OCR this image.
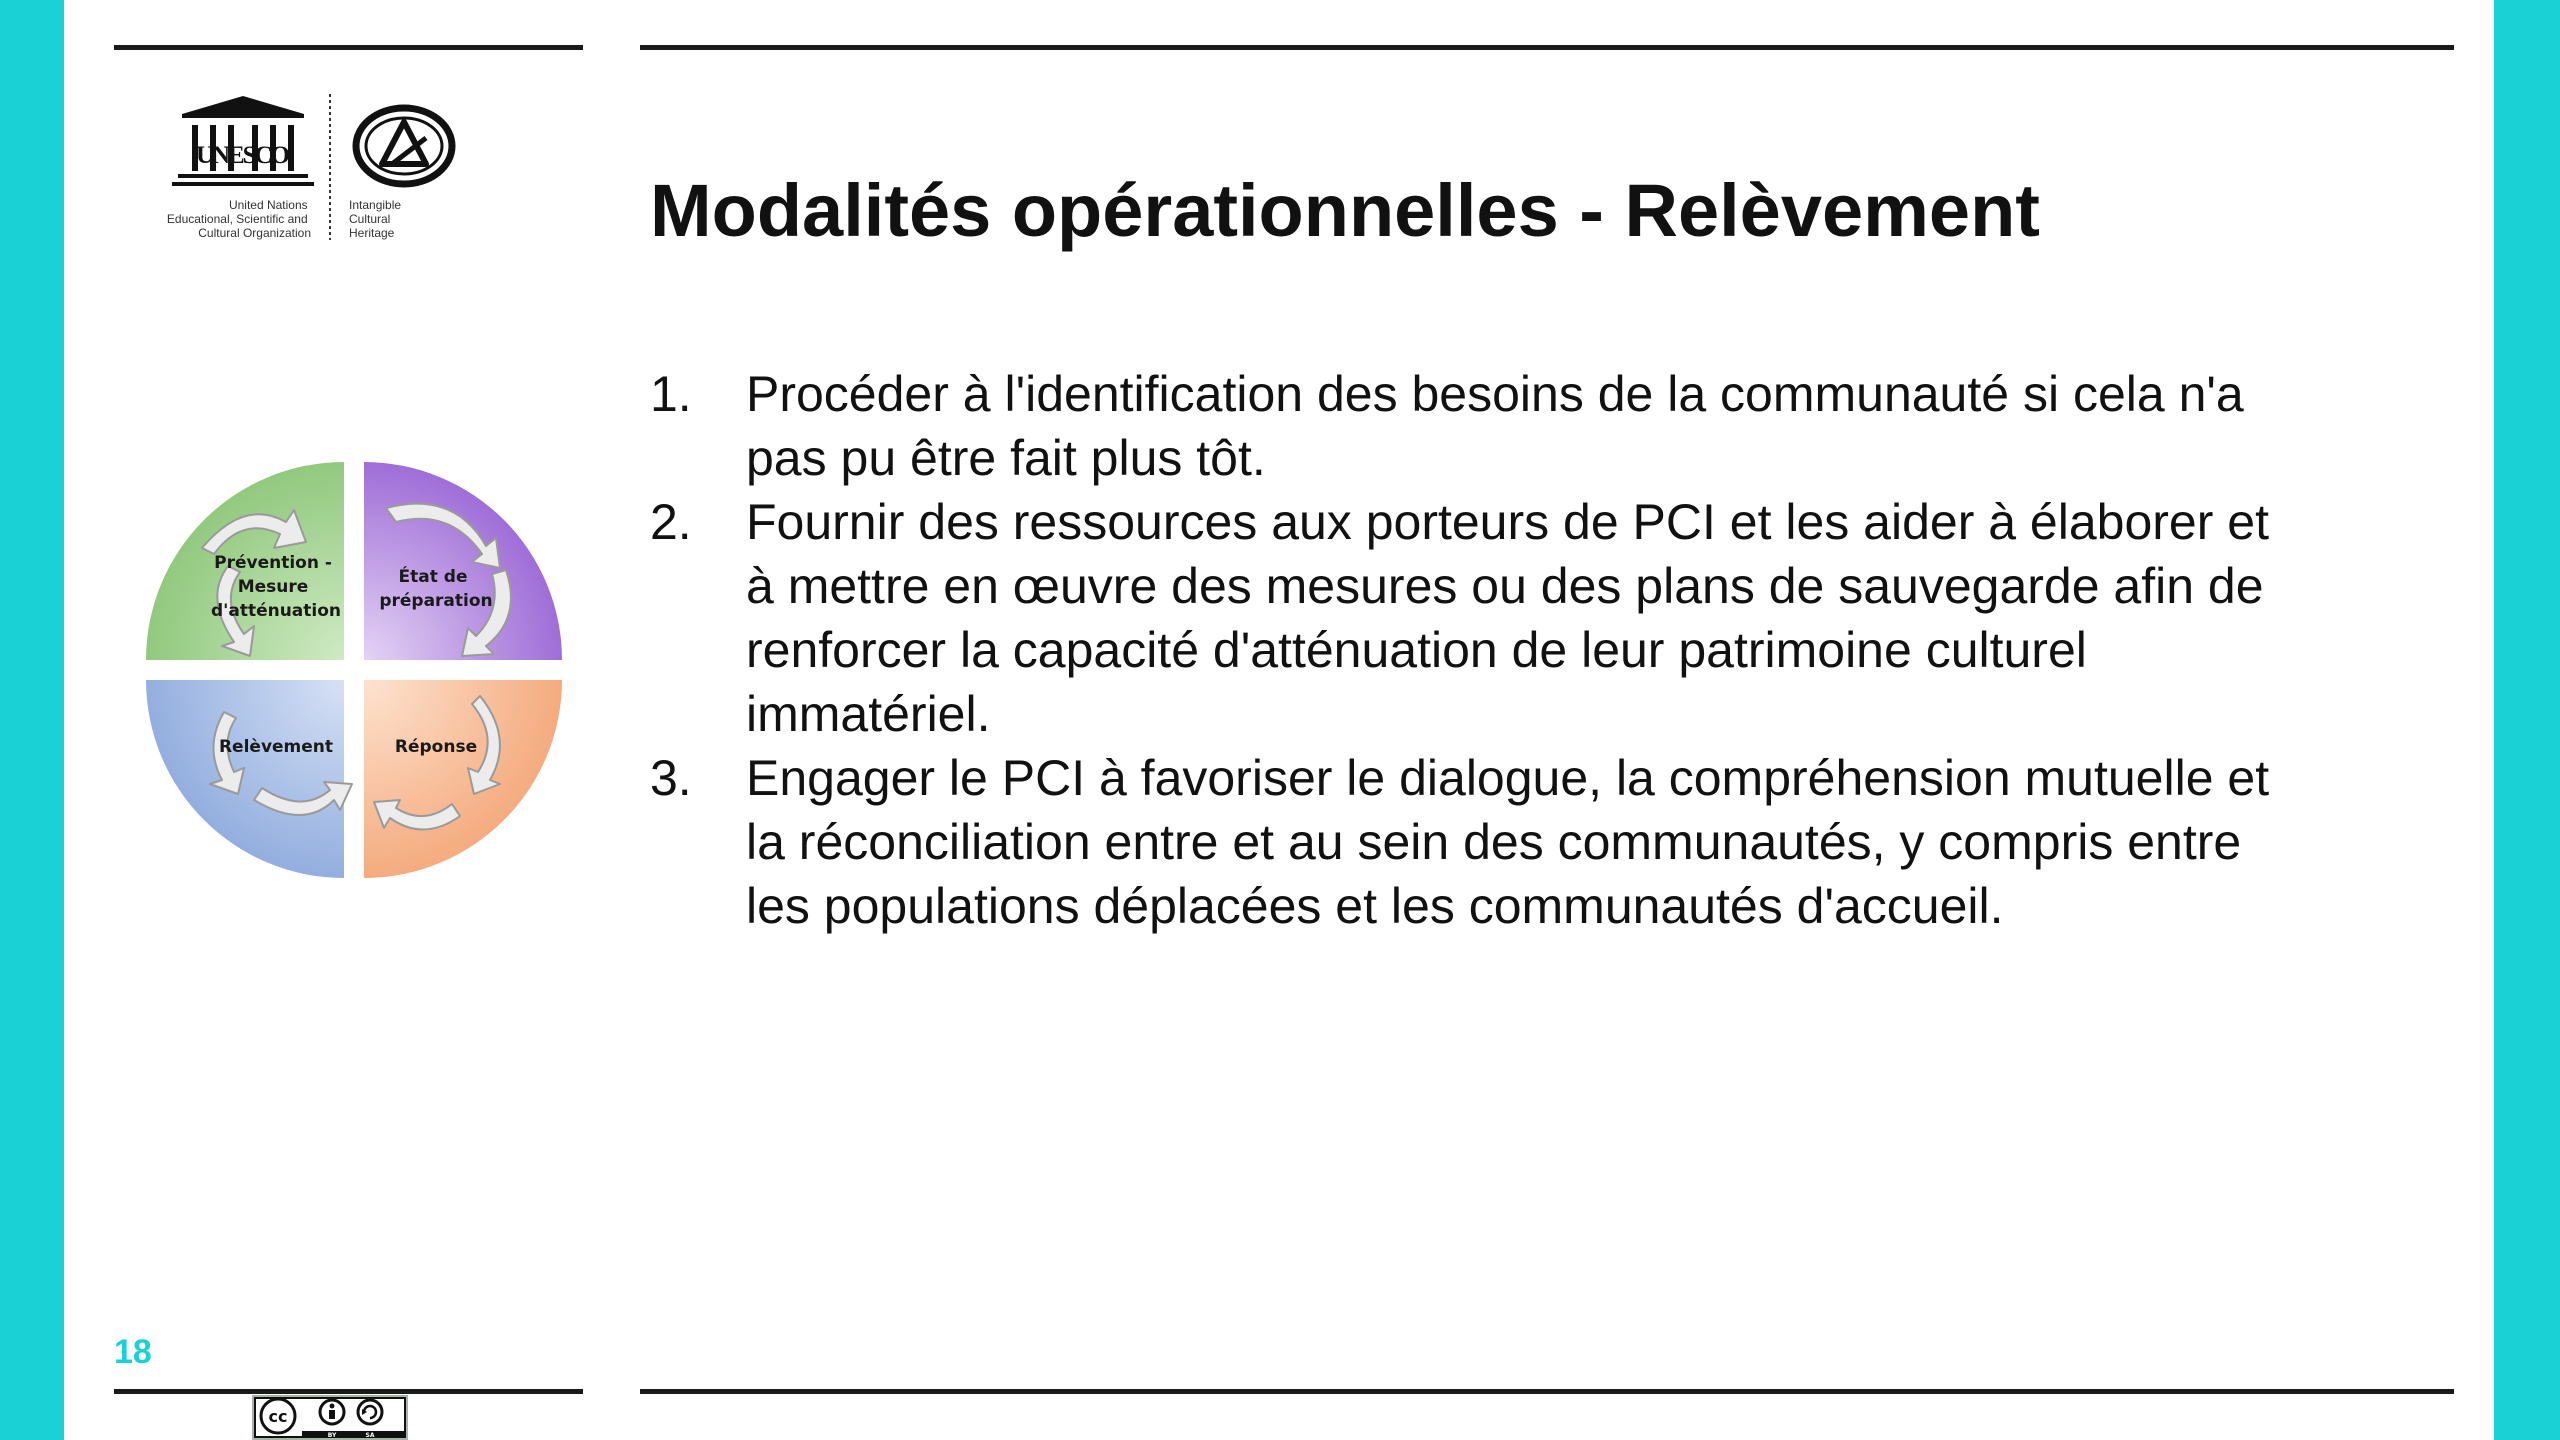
UNESCO
United Nations Educational, Scientific and Cultural Organization
Intangible Cultural Heritage	Modalités opérationnelles - Relèvement
Prévention - Mesure d'atténuation
État de préparation
Relèvement	Réponse
1. Procéder à l'identification des besoins de la communauté si cela n'a pas pu être fait plus tôt.
2. Fournir des ressources aux porteurs de PCI et les aider à élaborer et à mettre en œuvre des mesures ou des plans de sauvegarde afin de renforcer la capacité d'atténuation de leur patrimoine culturel immatériel.
3. Engager le PCI à favoriser le dialogue, la compréhension mutuelle et la réconciliation entre et au sein des communautés, y compris entre les populations déplacées et les communautés d'accueil.
18
cc
BY	SA
